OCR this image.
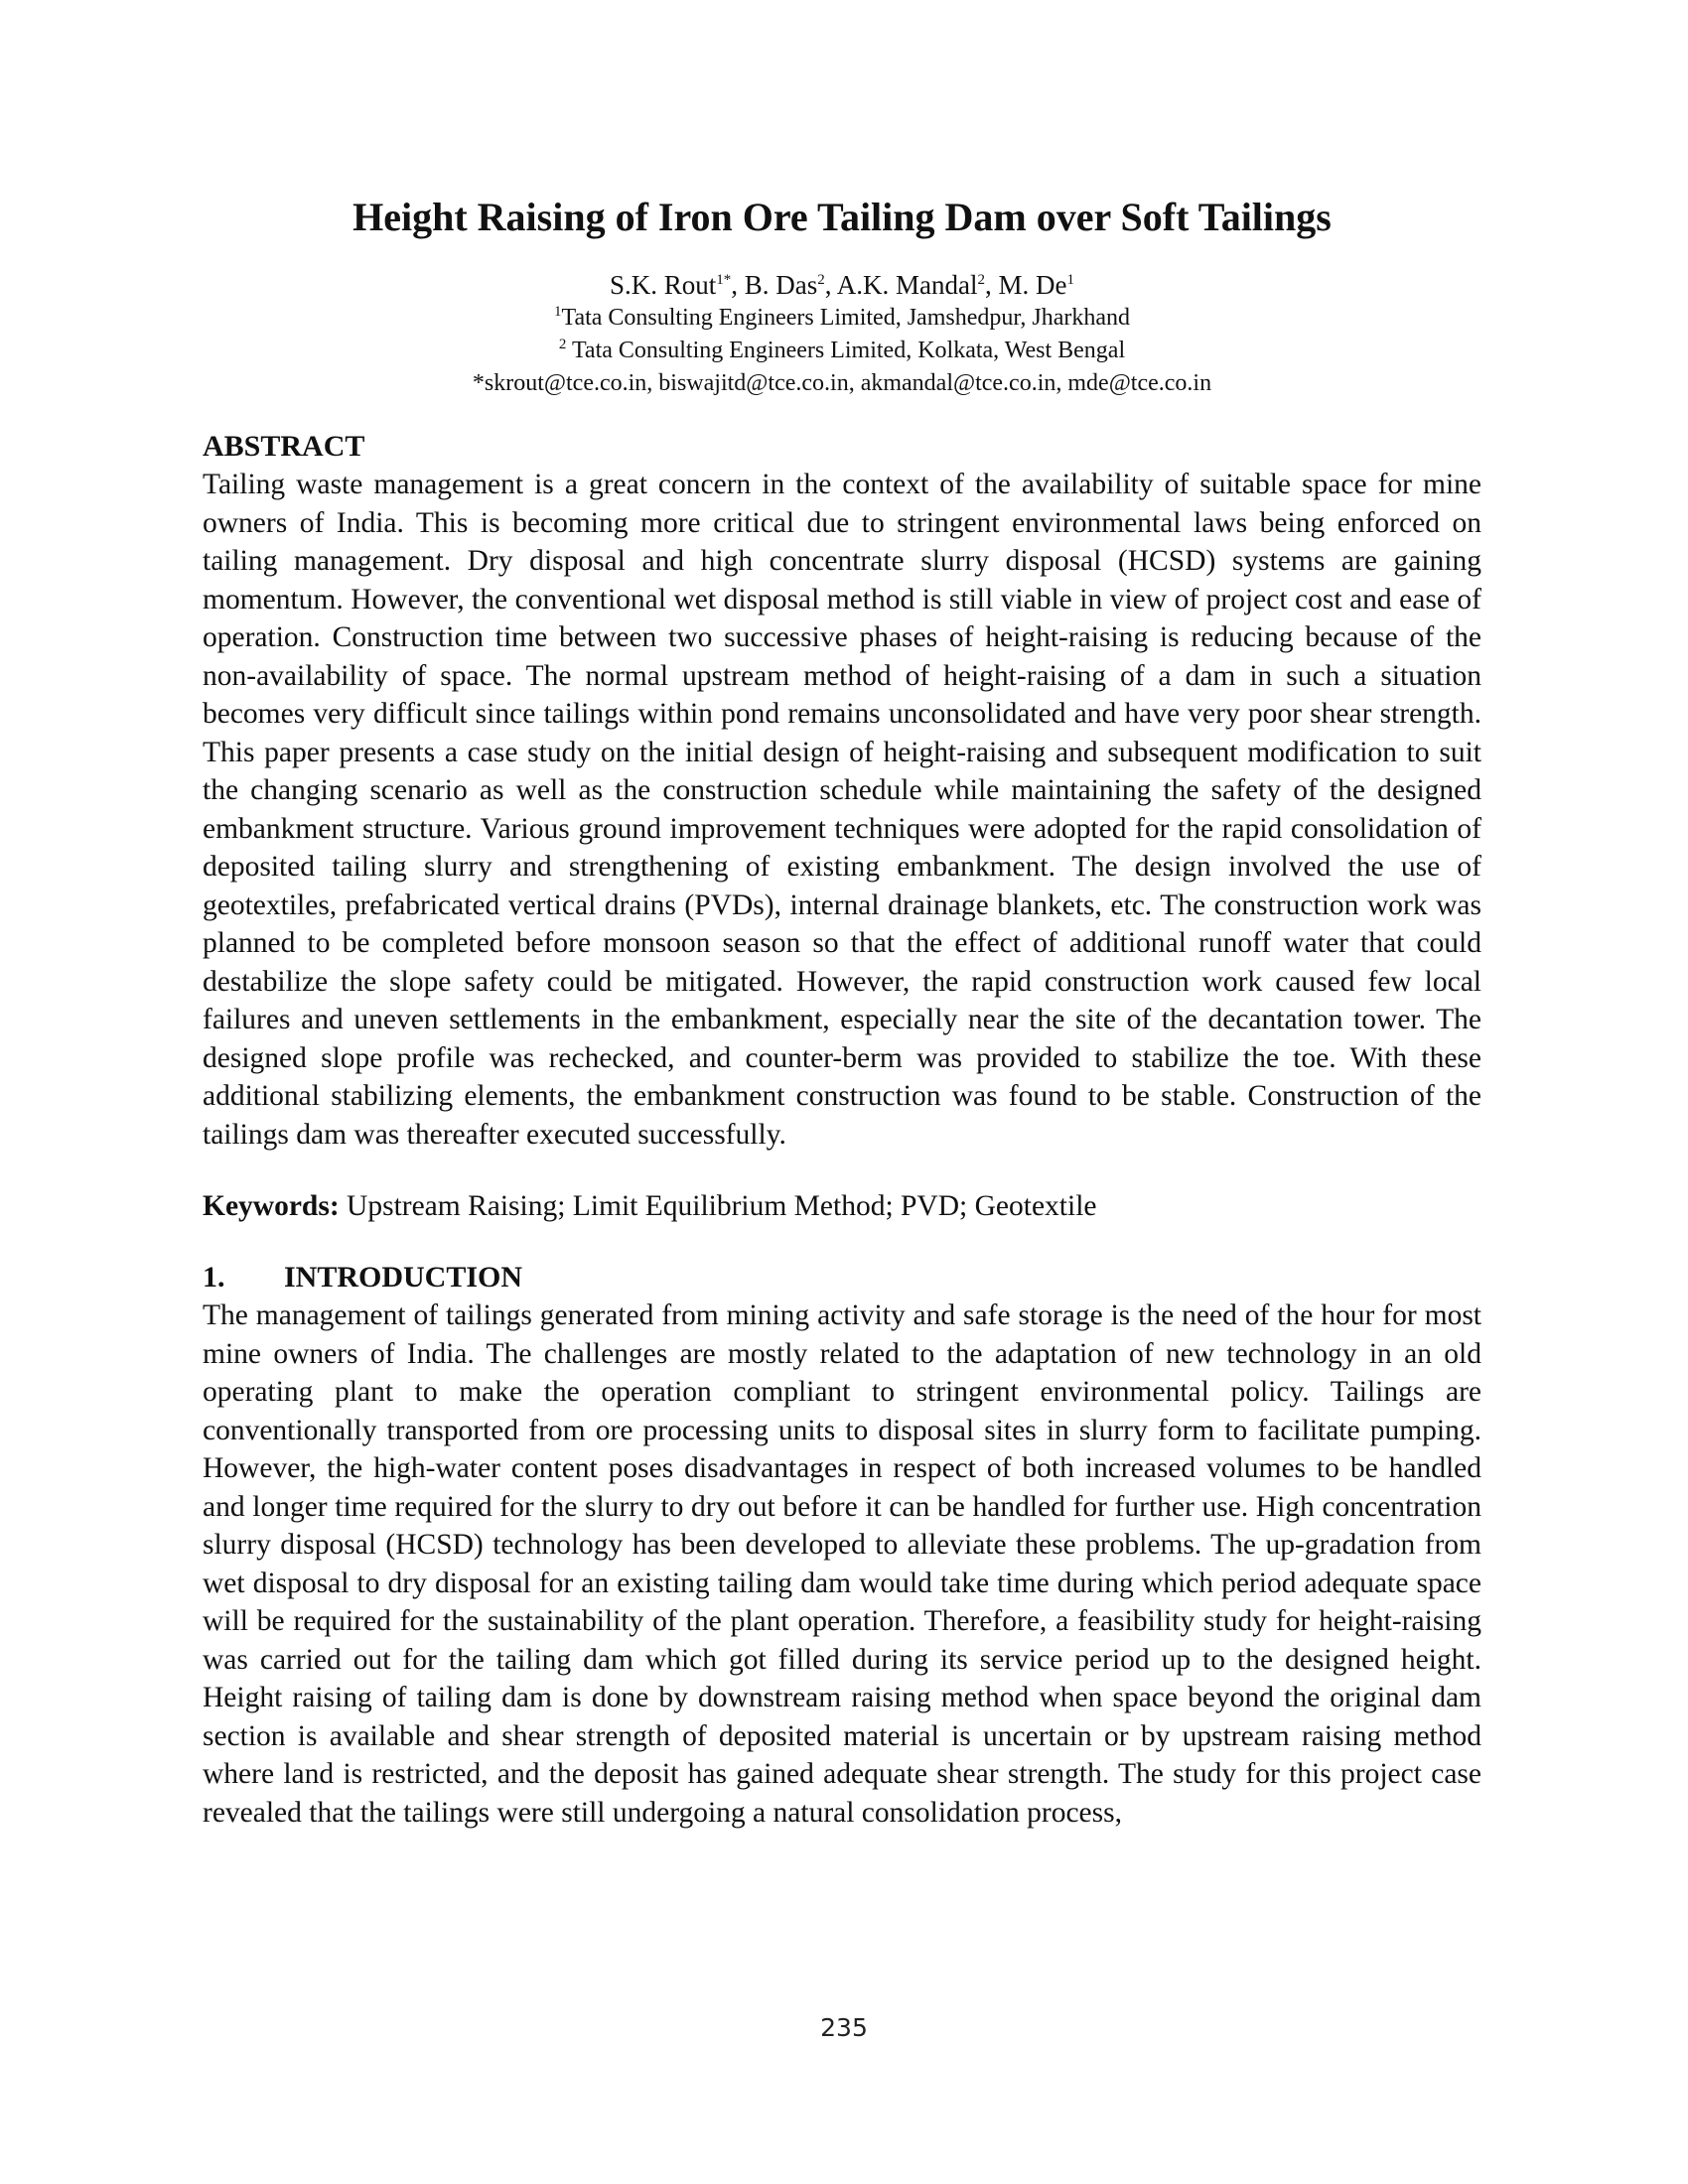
Height Raising of Iron Ore Tailing Dam over Soft Tailings

S.K. Rout$^{1*}$, B. Das$^2$, A.K. Mandal$^2$, M. De$^1$

$^1$Tata Consulting Engineers Limited, Jamshedpur, Jharkhand

$^2$ Tata Consulting Engineers Limited, Kolkata, West Bengal

*skrout@tce.co.in, biswajitd@tce.co.in, akmandal@tce.co.in, mde@tce.co.in

ABSTRACT

Tailing waste management is a great concern in the context of the availability of suitable space for mine owners of India. This is becoming more critical due to stringent environmental laws being enforced on tailing management. Dry disposal and high concentrate slurry disposal (HCSD) systems are gaining momentum. However, the conventional wet disposal method is still viable in view of project cost and ease of operation. Construction time between two successive phases of height-raising is reducing because of the non-availability of space. The normal upstream method of height-raising of a dam in such a situation becomes very difficult since tailings within pond remains unconsolidated and have very poor shear strength. This paper presents a case study on the initial design of height-raising and subsequent modification to suit the changing scenario as well as the construction schedule while maintaining the safety of the designed embankment structure. Various ground improvement techniques were adopted for the rapid consolidation of deposited tailing slurry and strengthening of existing embankment. The design involved the use of geotextiles, prefabricated vertical drains (PVDs), internal drainage blankets, etc. The construction work was planned to be completed before monsoon season so that the effect of additional runoff water that could destabilize the slope safety could be mitigated. However, the rapid construction work caused few local failures and uneven settlements in the embankment, especially near the site of the decantation tower. The designed slope profile was rechecked, and counter-berm was provided to stabilize the toe. With these additional stabilizing elements, the embankment construction was found to be stable. Construction of the tailings dam was thereafter executed successfully.

Keywords: Upstream Raising; Limit Equilibrium Method; PVD; Geotextile

1. INTRODUCTION

The management of tailings generated from mining activity and safe storage is the need of the hour for most mine owners of India. The challenges are mostly related to the adaptation of new technology in an old operating plant to make the operation compliant to stringent environmental policy. Tailings are conventionally transported from ore processing units to disposal sites in slurry form to facilitate pumping. However, the high-water content poses disadvantages in respect of both increased volumes to be handled and longer time required for the slurry to dry out before it can be handled for further use. High concentration slurry disposal (HCSD) technology has been developed to alleviate these problems. The up-gradation from wet disposal to dry disposal for an existing tailing dam would take time during which period adequate space will be required for the sustainability of the plant operation. Therefore, a feasibility study for height-raising was carried out for the tailing dam which got filled during its service period up to the designed height. Height raising of tailing dam is done by downstream raising method when space beyond the original dam section is available and shear strength of deposited material is uncertain or by upstream raising method where land is restricted, and the deposit has gained adequate shear strength. The study for this project case revealed that the tailings were still undergoing a natural consolidation process,

235
